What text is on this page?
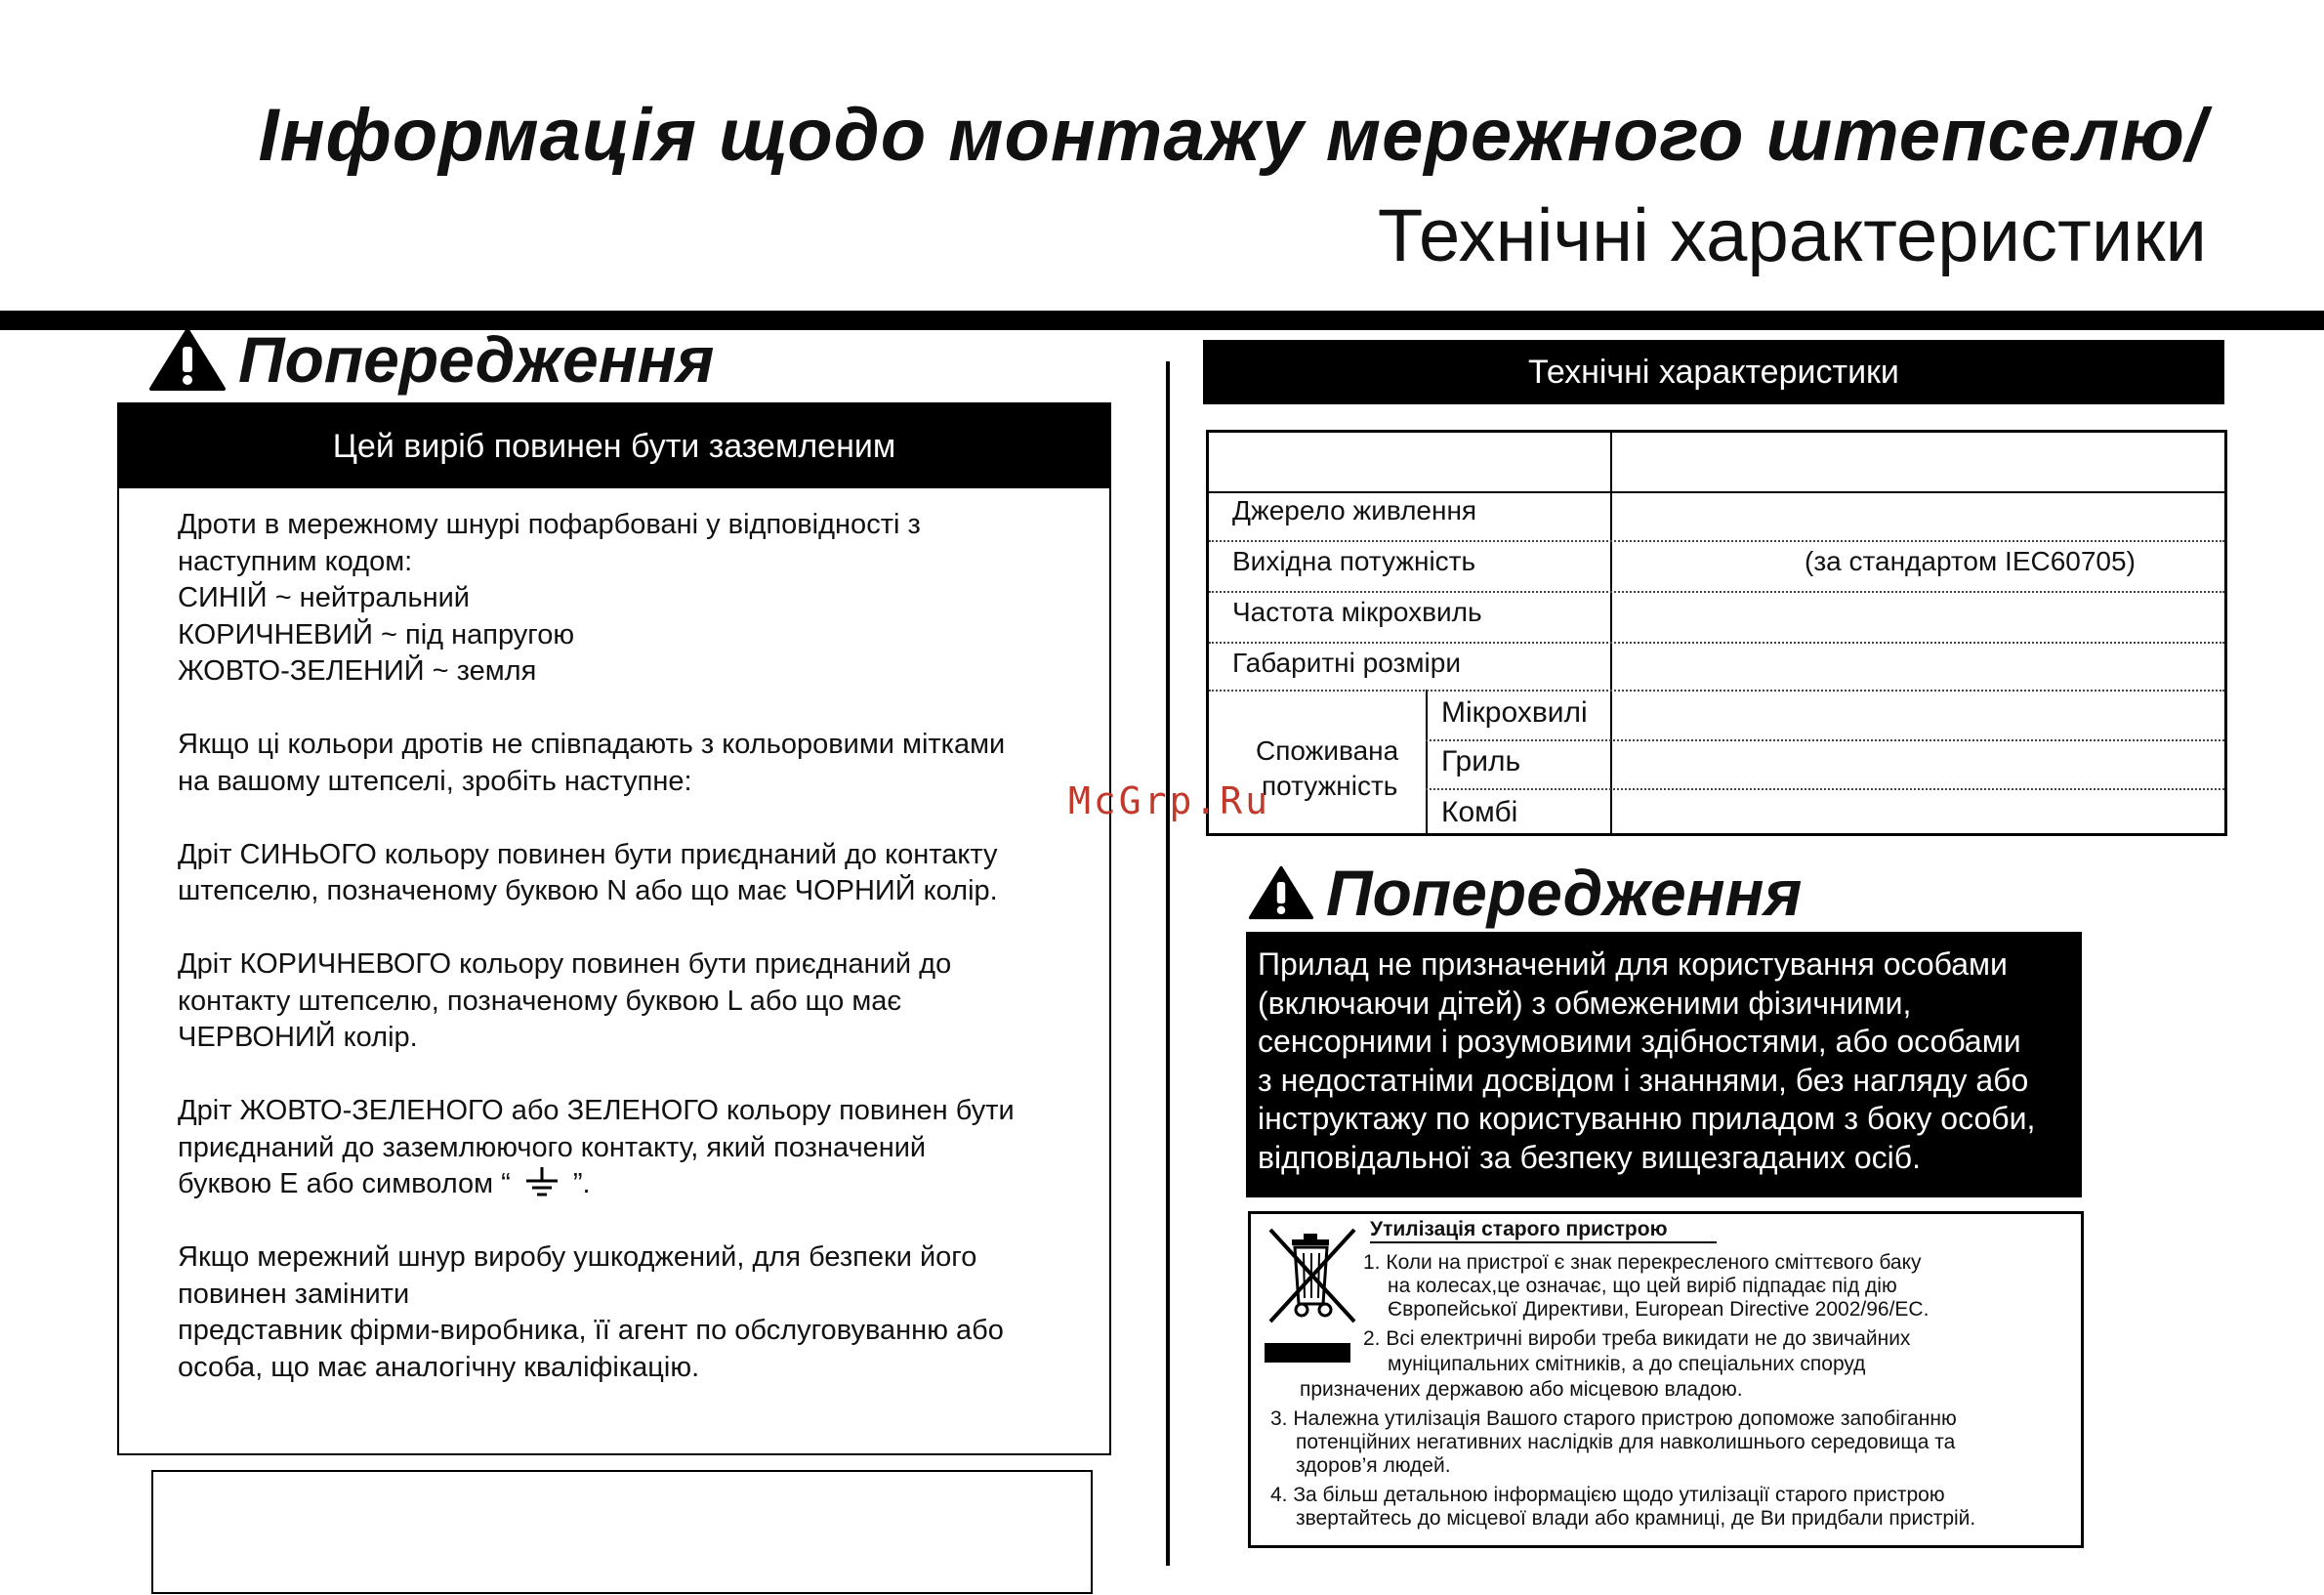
Інформація щодо монтажу мережного штепселю/
Технічні характеристики
Попередження
Цей виріб повинен бути заземленим
Дроти в мережному шнурі пофарбовані у відповідності з
наступним кодом:
СИНІЙ ~ нейтральний
КОРИЧНЕВИЙ ~ під напругою
ЖОВТО-ЗЕЛЕНИЙ ~ земля
Якщо ці кольори дротів не співпадають з кольоровими мітками
на вашому штепселі, зробіть наступне:
Дріт СИНЬОГО кольору повинен бути приєднаний до контакту
штепселю, позначеному буквою N або що має ЧОРНИЙ колір.
Дріт КОРИЧНЕВОГО кольору повинен бути приєднаний до
контакту штепселю, позначеному буквою L або що має
ЧЕРВОНИЙ колір.
Дріт ЖОВТО-ЗЕЛЕНОГО або ЗЕЛЕНОГО кольору повинен бути
приєднаний до заземлюючого контакту, який позначений
буквою Е або символом “ ”.
Якщо мережний шнур виробу ушкоджений, для безпеки його
повинен замінити
представник фірми-виробника, її агент по обслуговуванню або
особа, що має аналогічну кваліфікацію.
Технічні характеристики
Джерело живлення
Вихідна потужність	(за стандартом IEC60705)
Частота мікрохвиль
Габаритні розміри
Споживана
потужність
Мікрохвилі
Гриль
Комбі
McGrp.Ru
Попередження
Прилад не призначений для користування особами
(включаючи дітей) з обмеженими фізичними,
сенсорними і розумовими здібностями, або особами
з недостатніми досвідом і знаннями, без нагляду або
інструктажу по користуванню приладом з боку особи,
відповідальної за безпеку вищезгаданих осіб.
Утилізація старого пристрою
1. Коли на пристрої є знак перекресленого сміттєвого баку
на колесах,це означає, що цей виріб підпадає під дію
Європейської Директиви, European Directive 2002/96/EC.
2. Всі електричні вироби треба викидати не до звичайних
муніципальних смітників, а до спеціальних споруд
призначених державою або місцевою владою.
3. Належна утилізація Вашого старого пристрою допоможе запобіганню
потенційних негативних наслідків для навколишнього середовища та
здоров’я людей.
4. За більш детальною інформацією щодо утилізації старого пристрою
звертайтесь до місцевої влади або крамниці, де Ви придбали пристрій.
